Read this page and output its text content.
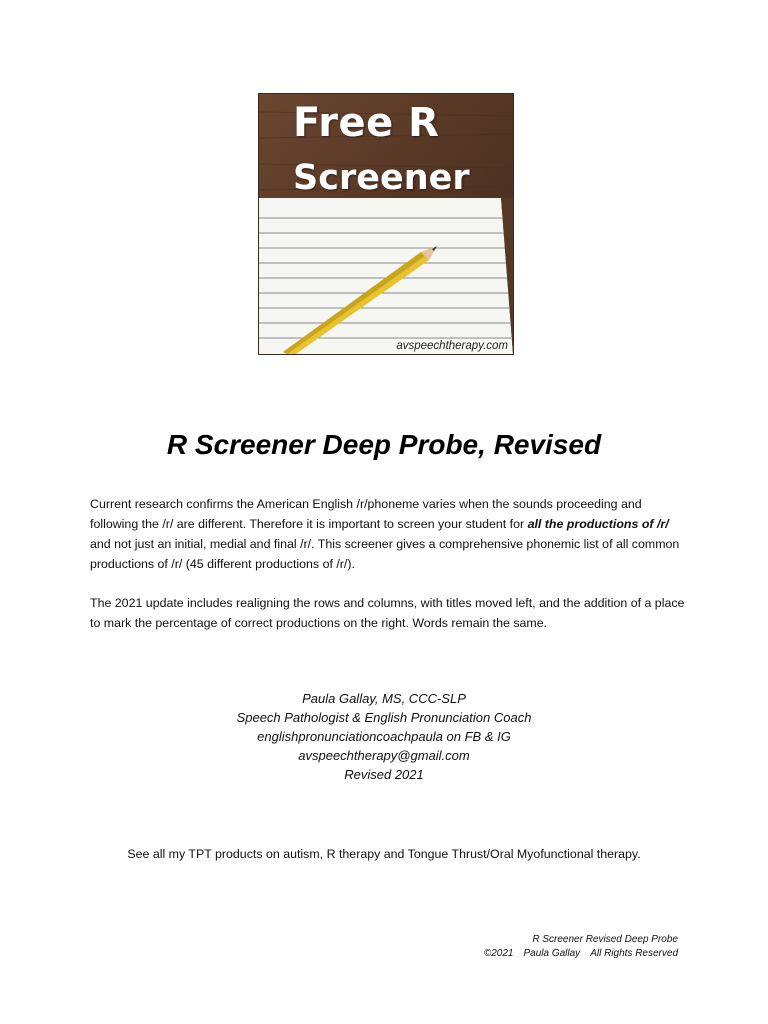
Free R
Screener
avspeechtherapy.com
R Screener Deep Probe, Revised
Current research confirms the American English /r/phoneme varies when the sounds proceeding and following the /r/ are different. Therefore it is important to screen your student for all the productions of /r/ and not just an initial, medial and final /r/. This screener gives a comprehensive phonemic list of all common productions of /r/ (45 different productions of /r/).
The 2021 update includes realigning the rows and columns, with titles moved left, and the addition of a place to mark the percentage of correct productions on the right. Words remain the same.
Paula Gallay, MS, CCC-SLP
Speech Pathologist & English Pronunciation Coach
englishpronunciationcoachpaula on FB & IG
avspeechtherapy@gmail.com
Revised 2021
See all my TPT products on autism, R therapy and Tongue Thrust/Oral Myofunctional therapy.
R Screener Revised Deep Probe
©2021 Paula Gallay All Rights Reserved
